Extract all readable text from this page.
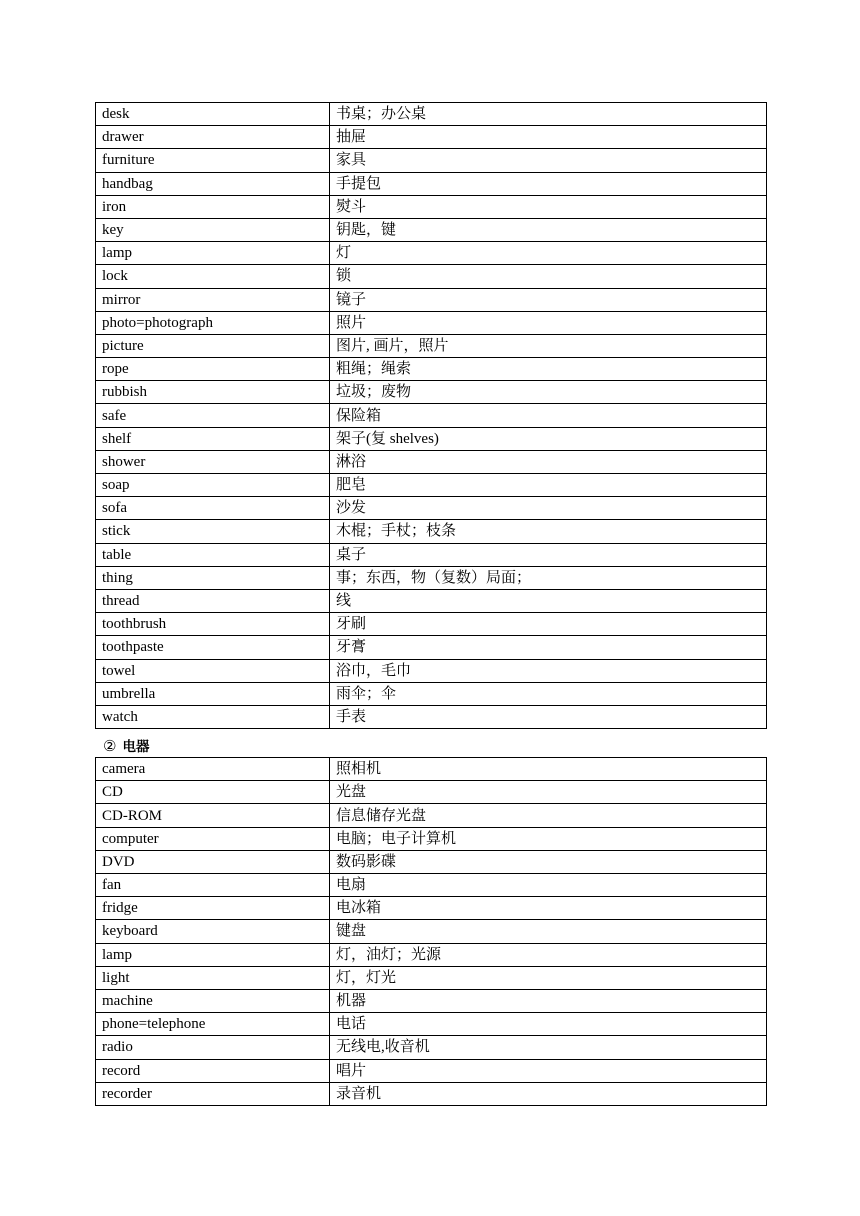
desk	书桌；办公桌
drawer	抽屉
furniture	家具
handbag	手提包
iron	熨斗
key	钥匙，键
lamp	灯
lock	锁
mirror	镜子
photo=photograph	照片
picture	图片, 画片，照片
rope	粗绳；绳索
rubbish	垃圾；废物
safe	保险箱
shelf	架子(复 shelves)
shower	淋浴
soap	肥皂
sofa	沙发
stick	木棍；手杖；枝条
table	桌子
thing	事；东西，物（复数）局面；
thread	线
toothbrush	牙刷
toothpaste	牙膏
towel	浴巾，毛巾
umbrella	雨伞；伞
watch	手表
② 电器
camera	照相机
CD	光盘
CD-ROM	信息储存光盘
computer	电脑；电子计算机
DVD	数码影碟
fan	电扇
fridge	电冰箱
keyboard	键盘
lamp	灯，油灯；光源
light	灯，灯光
machine	机器
phone=telephone	电话
radio	无线电,收音机
record	唱片
recorder	录音机
